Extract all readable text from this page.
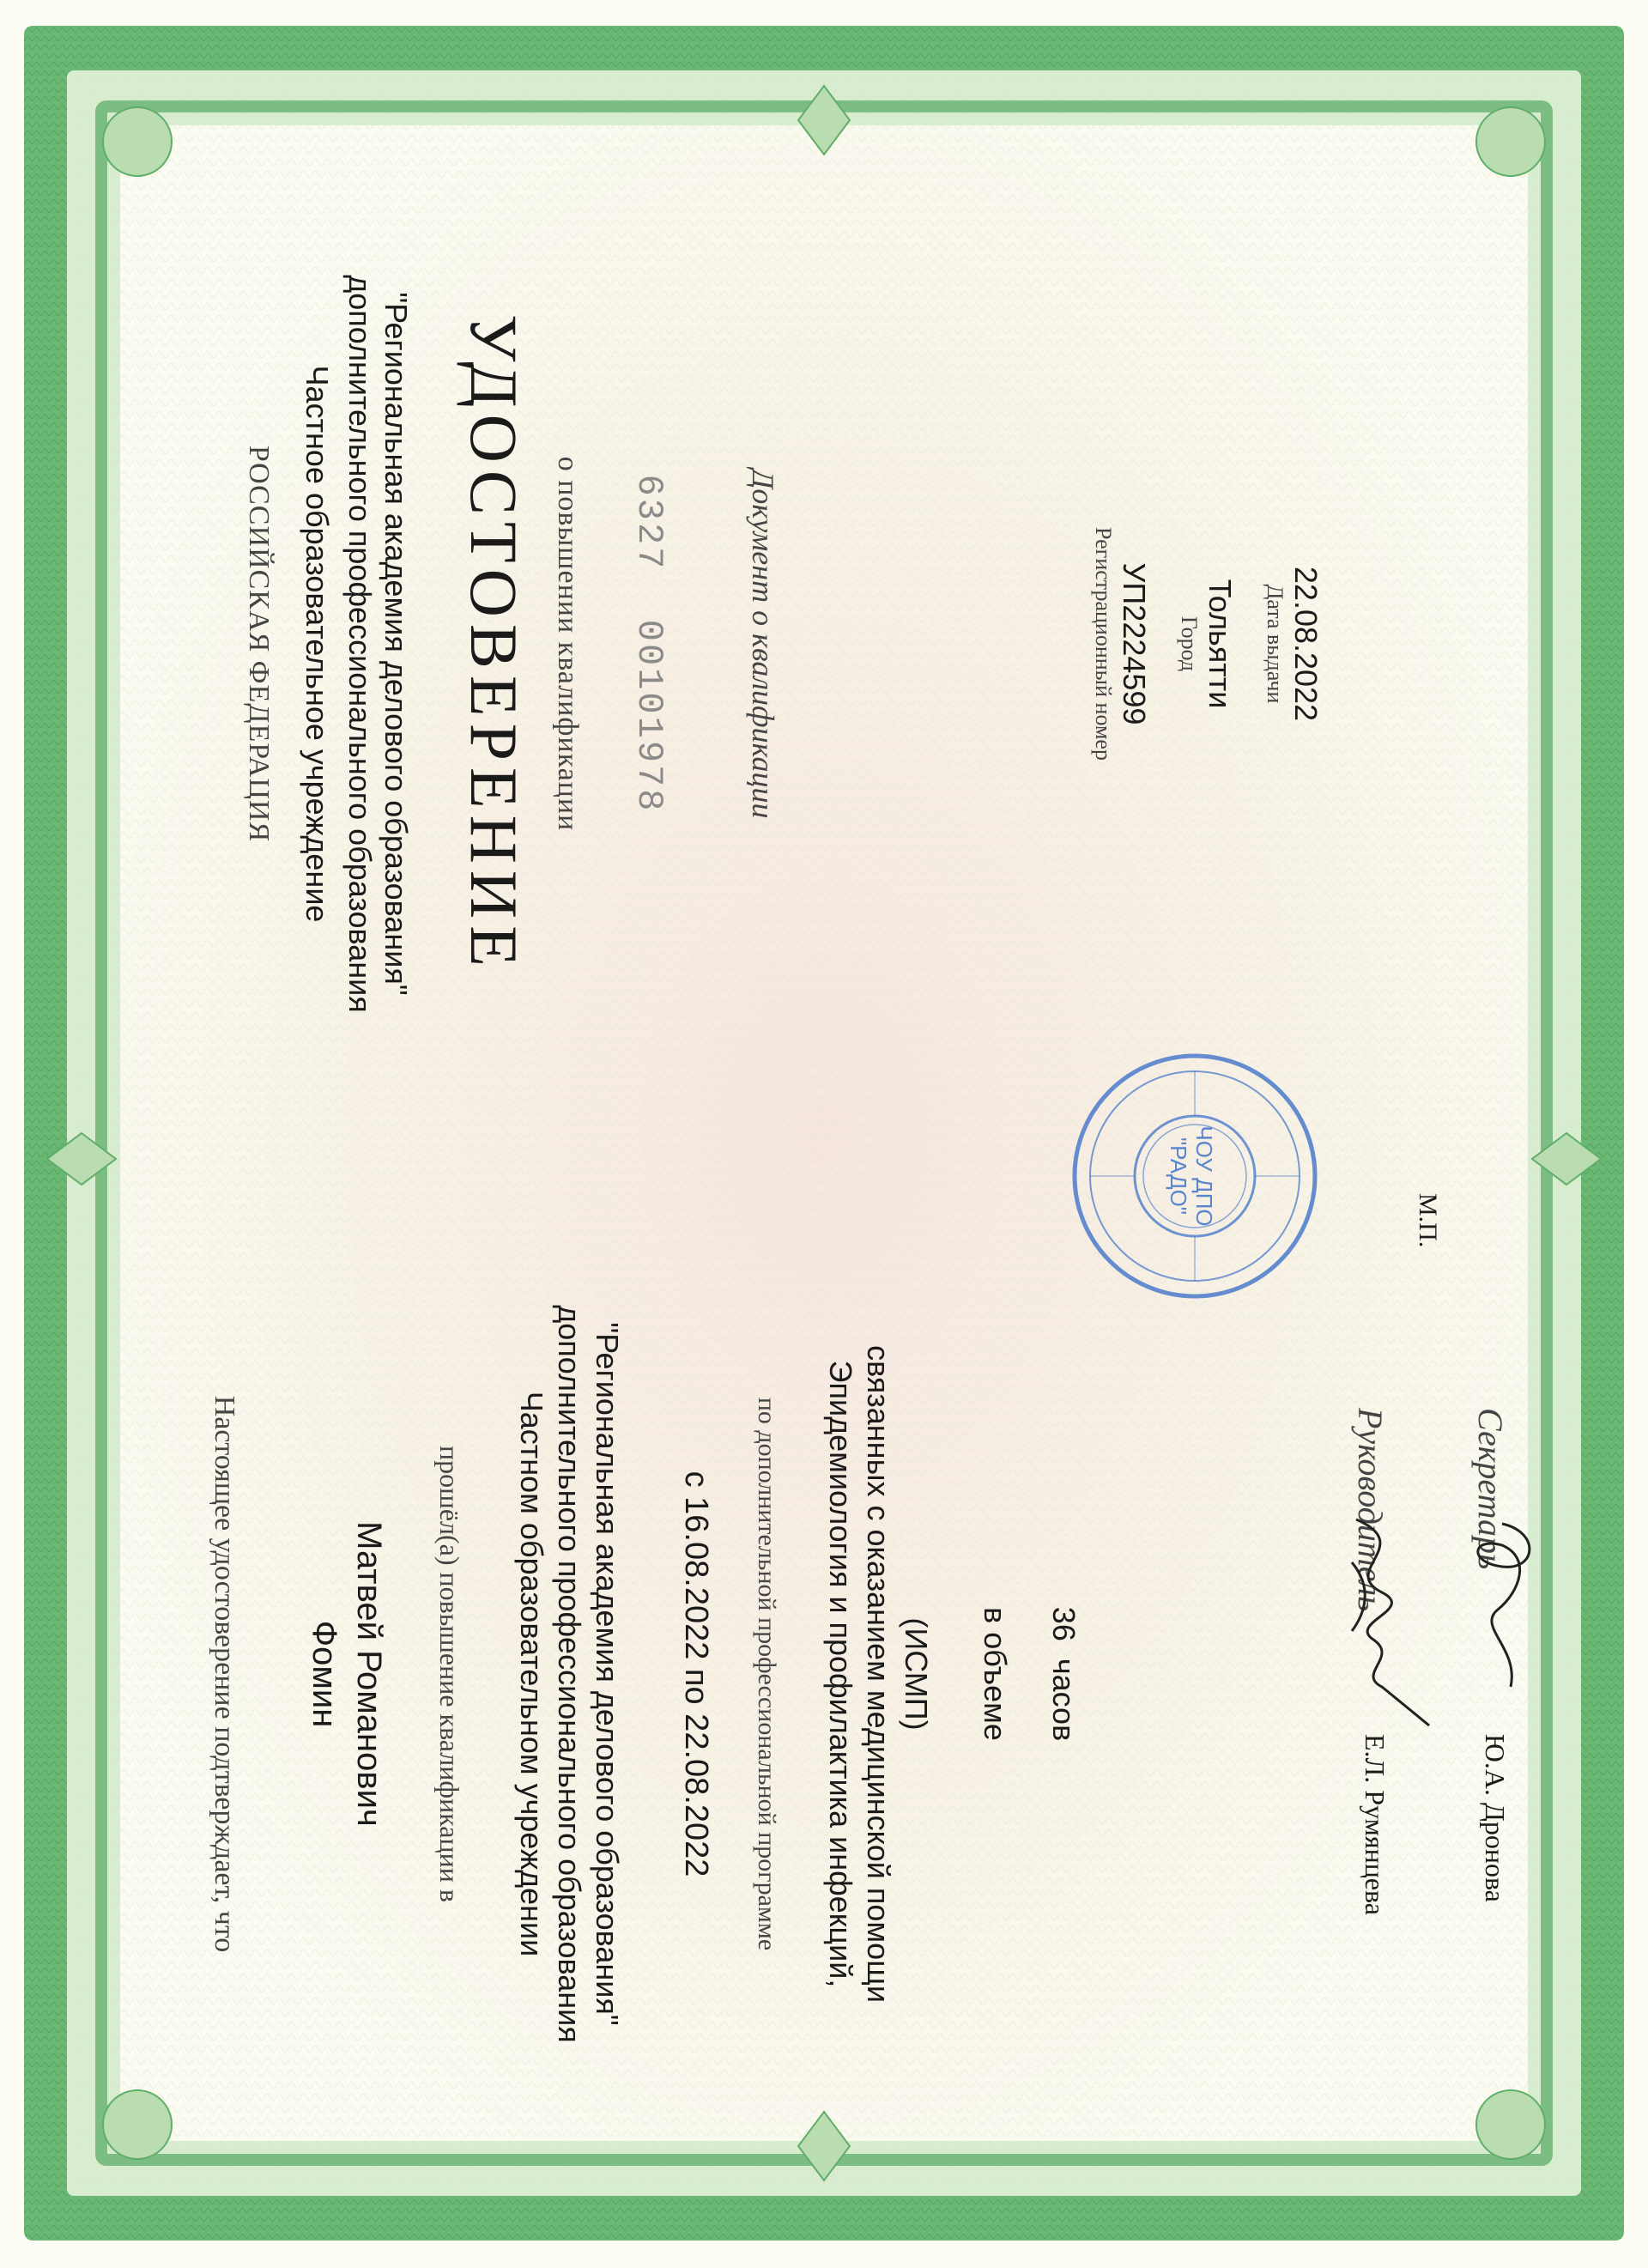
РОССИЙСКАЯ ФЕДЕРАЦИЯ Частное образовательное учреждение дополнительного профессионального образования "Региональная академия делового образования" УДОСТОВЕРЕНИЕ о повышении квалификации 6327  00101978 Документ о квалификации	Регистрационный номер УП2224599 Город Тольятти Дата выдачи 22.08.2022
Настоящее удостоверение подтверждает, что Фомин Матвей Романович прошёл(а) повышение квалификации в Частном образовательном учреждении дополнительного профессионального образования "Региональная академия делового образования" с 16.08.2022 по 22.08.2022 по дополнительной профессиональной программе Эпидемиология и профилактика инфекций, связанных с оказанием медицинской помощи (ИСМП) в объеме 36  часов
Руководитель
Е.Л. Румянцева
Секретарь
Ю.А. Дронова
М.П.
ЧОУ ДПО
"РАДО"
